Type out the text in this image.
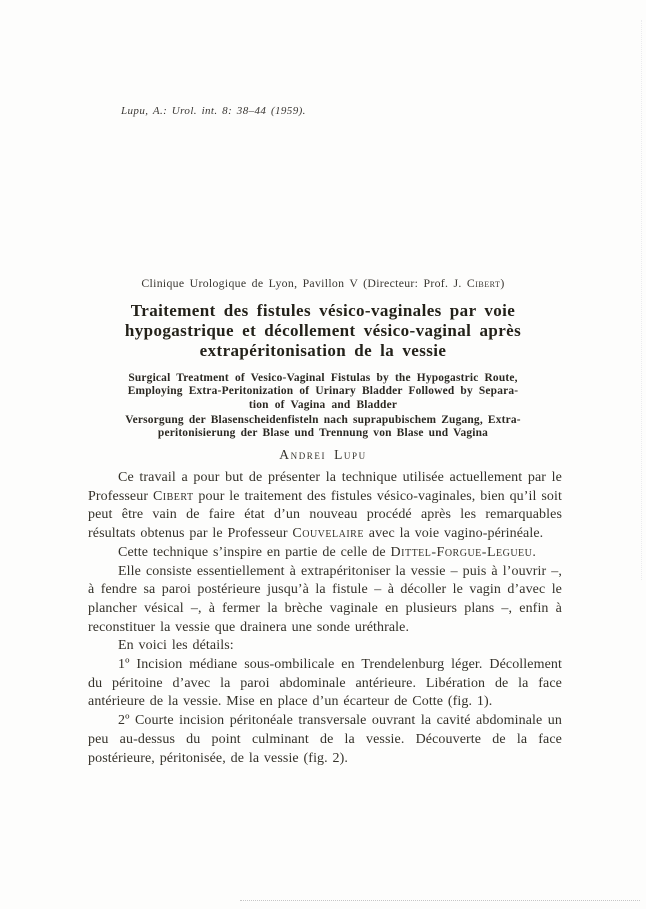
Lupu, A.: Urol. int. 8: 38–44 (1959).
Clinique Urologique de Lyon, Pavillon V (Directeur: Prof. J. Cibert)
Traitement des fistules vésico-vaginales par voie
hypogastrique et décollement vésico-vaginal après
extrapéritonisation de la vessie
Surgical Treatment of Vesico-Vaginal Fistulas by the Hypogastric Route,
Employing Extra-Peritonization of Urinary Bladder Followed by Separa-
tion of Vagina and Bladder
Versorgung der Blasenscheidenfisteln nach suprapubischem Zugang, Extra-
peritonisierung der Blase und Trennung von Blase und Vagina
Andrei Lupu

Ce travail a pour but de présenter la technique utilisée actuellement par le Professeur Cibert pour le traitement des fistules vésico-vaginales, bien qu’il soit peut être vain de faire état d’un nouveau procédé après les remarquables résultats obtenus par le Professeur Couvelaire avec la voie vagino-périnéale.

Cette technique s’inspire en partie de celle de Dittel-Forgue-Legueu.

Elle consiste essentiellement à extrapéritoniser la vessie – puis à l’ouvrir –, à fendre sa paroi postérieure jusqu’à la fistule – à décoller le vagin d’avec le plancher vésical –, à fermer la brèche vaginale en plusieurs plans –, enfin à reconstituer la vessie que drainera une sonde uréthrale.

En voici les détails:

1º Incision médiane sous-ombilicale en Trendelenburg léger. Décollement du péritoine d’avec la paroi abdominale antérieure. Libération de la face antérieure de la vessie. Mise en place d’un écarteur de Cotte (fig. 1).

2º Courte incision péritonéale transversale ouvrant la cavité abdominale un peu au-dessus du point culminant de la vessie. Découverte de la face postérieure, péritonisée, de la vessie (fig. 2).
